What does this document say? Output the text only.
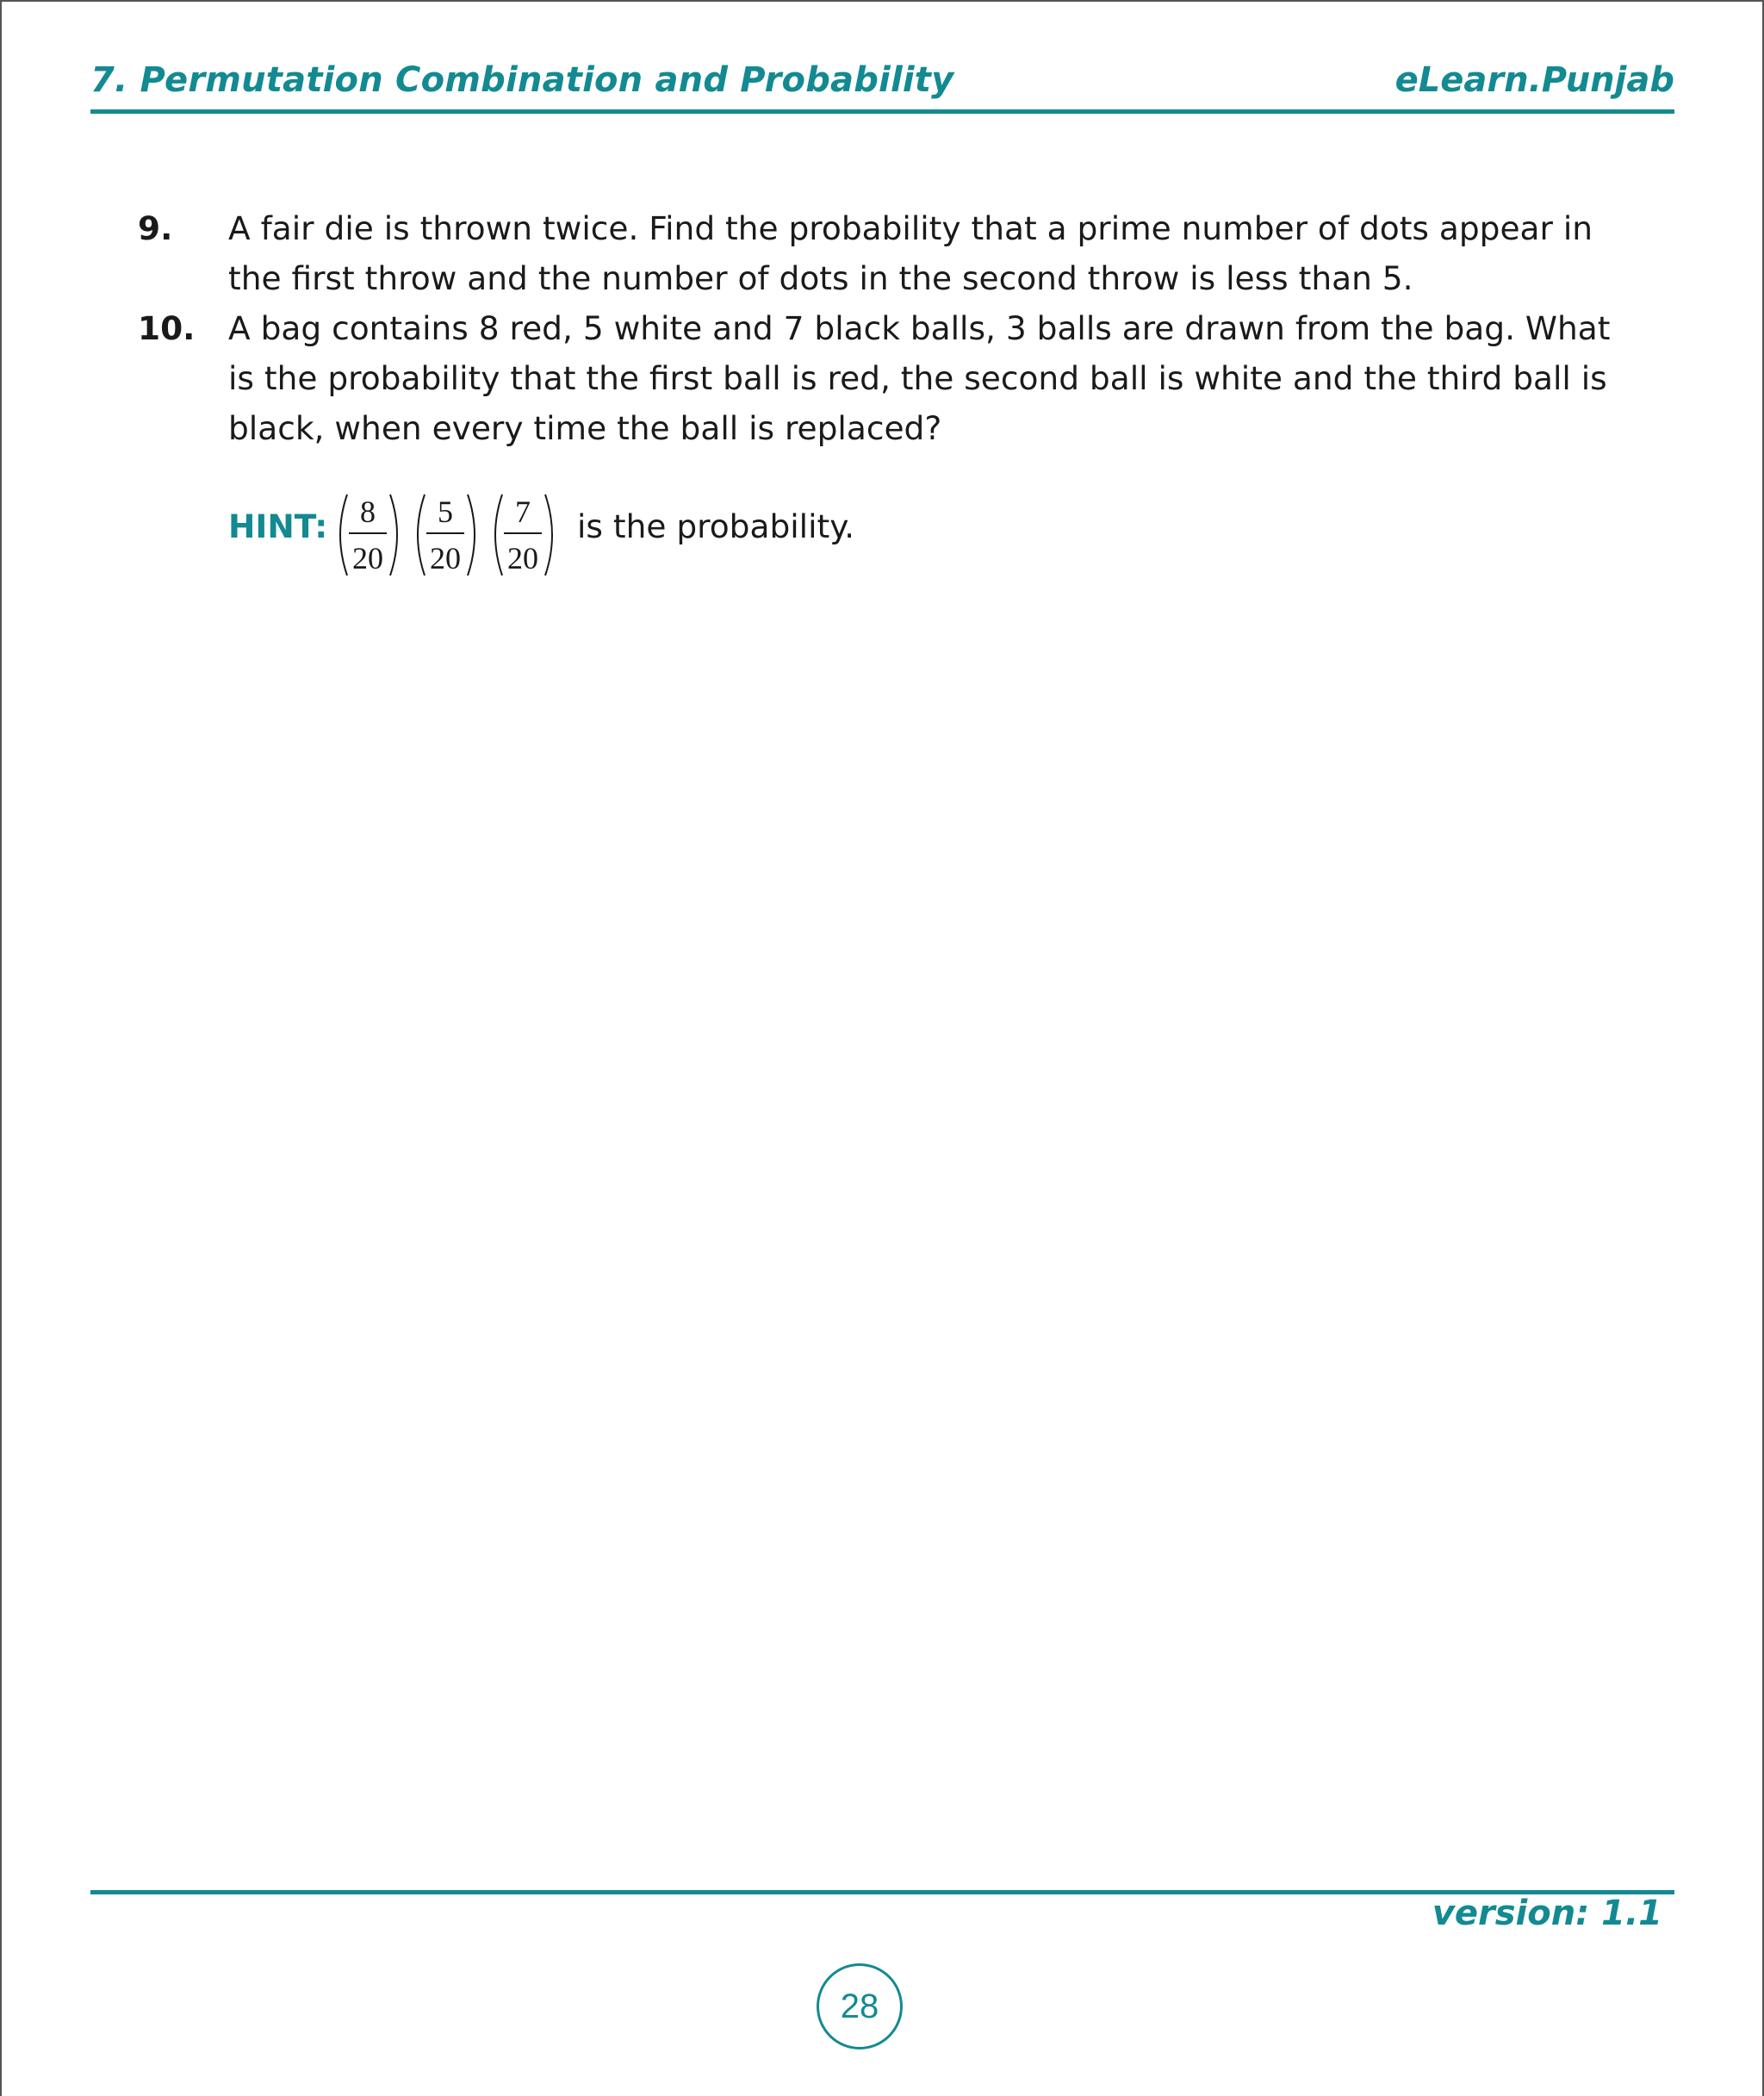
7. Permutation Combination and Probability	eLearn.Punjab
9. A fair die is thrown twice. Find the probability that a prime number of dots appear in the first throw and the number of dots in the second throw is less than 5.
10. A bag contains 8 red, 5 white and 7 black balls, 3 balls are drawn from the bag. What is the probability that the first ball is red, the second ball is white and the third ball is black, when every time the ball is replaced?
HINT: 8
20
5
20
7
20
is the probability.
version: 1.1
28
